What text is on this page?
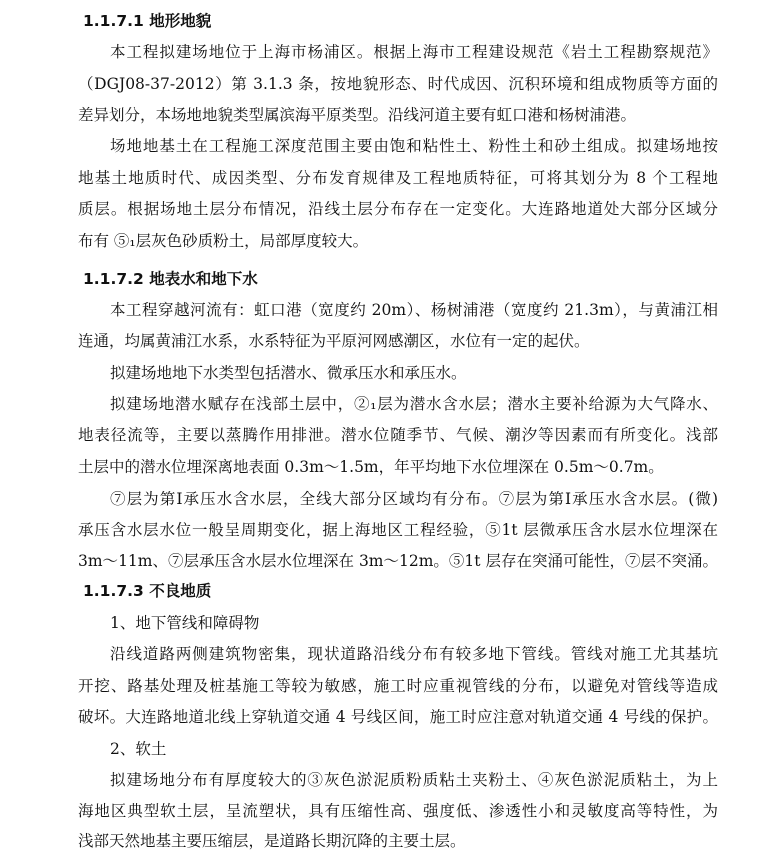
1.1.7.1 地形地貌
本工程拟建场地位于上海市杨浦区。根据上海市工程建设规范《岩土工程勘察规范》
（DGJ08-37-2012）第 3.1.3 条，按地貌形态、时代成因、沉积环境和组成物质等方面的
差异划分，本场地地貌类型属滨海平原类型。沿线河道主要有虹口港和杨树浦港。
场地地基土在工程施工深度范围主要由饱和粘性土、粉性土和砂土组成。拟建场地按
地基土地质时代、成因类型、分布发育规律及工程地质特征，可将其划分为 8 个工程地
质层。根据场地土层分布情况，沿线土层分布存在一定变化。大连路地道处大部分区域分
布有 ⑤₁层灰色砂质粉土，局部厚度较大。
1.1.7.2 地表水和地下水
本工程穿越河流有：虹口港（宽度约 20m）、杨树浦港（宽度约 21.3m），与黄浦江相
连通，均属黄浦江水系，水系特征为平原河网感潮区，水位有一定的起伏。
拟建场地地下水类型包括潜水、微承压水和承压水。
拟建场地潜水赋存在浅部土层中，②₁层为潜水含水层；潜水主要补给源为大气降水、
地表径流等，主要以蒸腾作用排泄。潜水位随季节、气候、潮汐等因素而有所变化。浅部
土层中的潜水位埋深离地表面 0.3m～1.5m，年平均地下水位埋深在 0.5m～0.7m。
⑦层为第Ⅰ承压水含水层，全线大部分区域均有分布。⑦层为第Ⅰ承压水含水层。(微)
承压含水层水位一般呈周期变化，据上海地区工程经验，⑤1t 层微承压含水层水位埋深在
3m～11m、⑦层承压含水层水位埋深在 3m～12m。⑤1t 层存在突涌可能性，⑦层不突涌。
1.1.7.3 不良地质
1、地下管线和障碍物
沿线道路两侧建筑物密集，现状道路沿线分布有较多地下管线。管线对施工尤其基坑
开挖、路基处理及桩基施工等较为敏感，施工时应重视管线的分布，以避免对管线等造成
破坏。大连路地道北线上穿轨道交通 4 号线区间，施工时应注意对轨道交通 4 号线的保护。
2、软土
拟建场地分布有厚度较大的③灰色淤泥质粉质粘土夹粉土、④灰色淤泥质粘土，为上
海地区典型软土层，呈流塑状，具有压缩性高、强度低、渗透性小和灵敏度高等特性，为
浅部天然地基主要压缩层，是道路长期沉降的主要土层。
